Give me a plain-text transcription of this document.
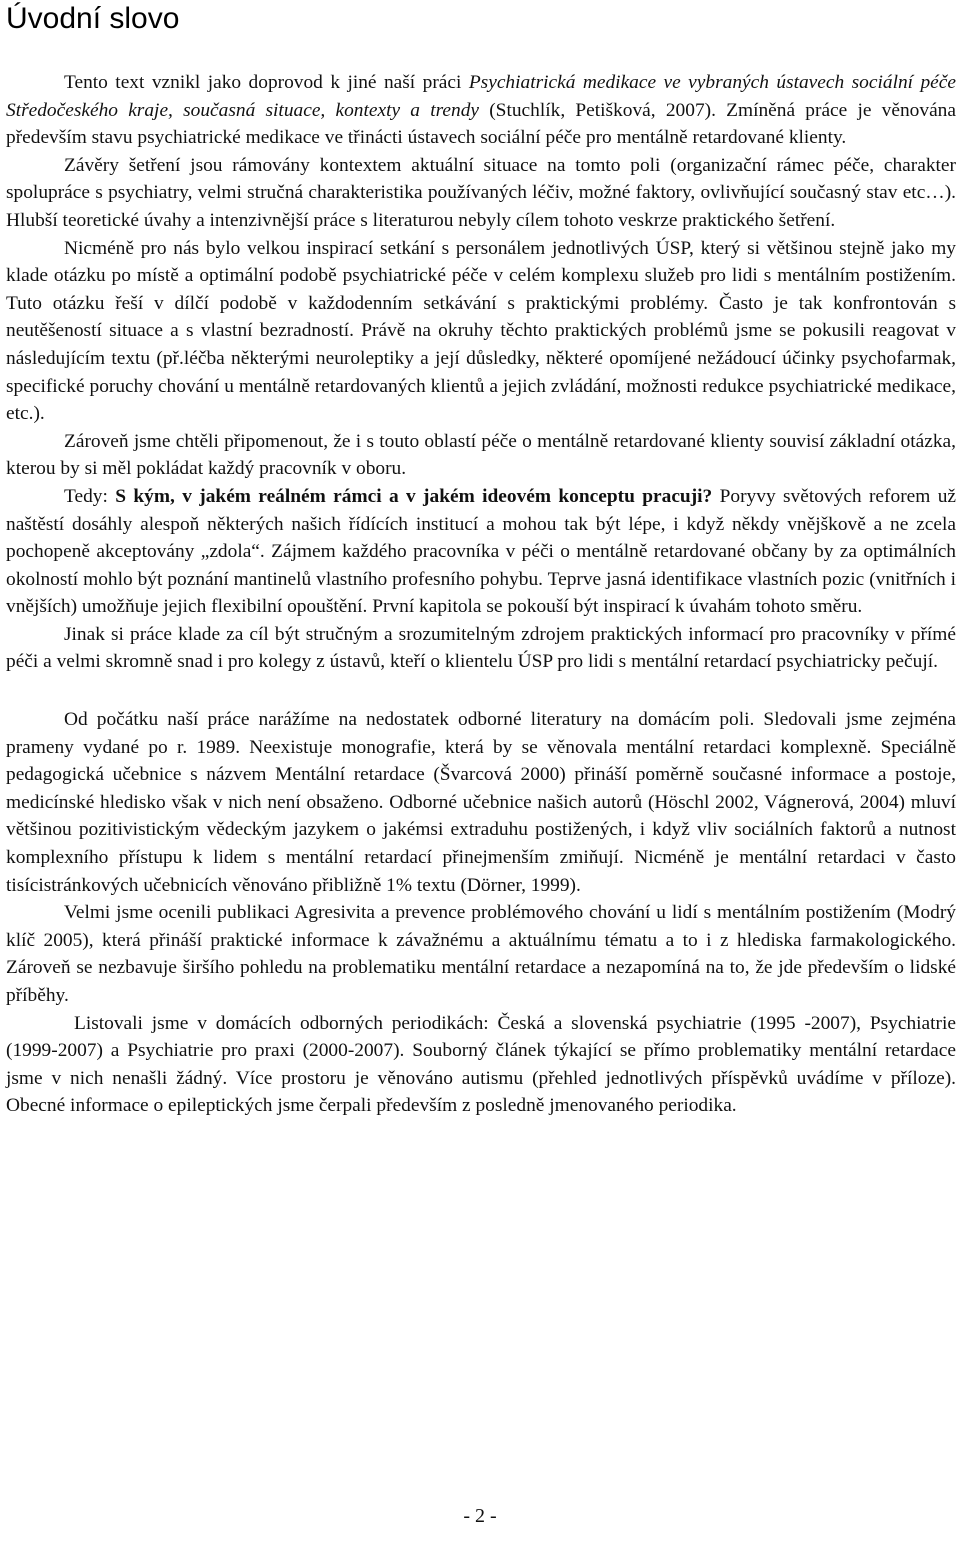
Úvodní slovo

Tento text vznikl jako doprovod k jiné naší práci Psychiatrická medikace ve vybraných ústavech sociální péče Středočeského kraje, současná situace, kontexty a trendy (Stuchlík, Petišková, 2007). Zmíněná práce je věnována především stavu psychiatrické medikace ve třinácti ústavech sociální péče pro mentálně retardované klienty.

Závěry šetření jsou rámovány kontextem aktuální situace na tomto poli (organizační rámec péče, charakter spolupráce s psychiatry, velmi stručná charakteristika používaných léčiv, možné faktory, ovlivňující současný stav etc…). Hlubší teoretické úvahy a intenzivnější práce s literaturou nebyly cílem tohoto veskrze praktického šetření.

Nicméně pro nás bylo velkou inspirací setkání s personálem jednotlivých ÚSP, který si většinou stejně jako my klade otázku po místě a optimální podobě psychiatrické péče v celém komplexu služeb pro lidi s mentálním postižením. Tuto otázku řeší v dílčí podobě v každodenním setkávání s praktickými problémy. Často je tak konfrontován s neutěšeností situace a s vlastní bezradností. Právě na okruhy těchto praktických problémů jsme se pokusili reagovat v následujícím textu (př.léčba některými neuroleptiky a její důsledky, některé opomíjené nežádoucí účinky psychofarmak, specifické poruchy chování u mentálně retardovaných klientů a jejich zvládání, možnosti redukce psychiatrické medikace, etc.).

Zároveň jsme chtěli připomenout, že i s touto oblastí péče o mentálně retardované klienty souvisí základní otázka, kterou by si měl pokládat každý pracovník v oboru.

Tedy: S kým, v jakém reálném rámci a v jakém ideovém konceptu pracuji? Poryvy světových reforem už naštěstí dosáhly alespoň některých našich řídících institucí a mohou tak být lépe, i když někdy vnějškově a ne zcela pochopeně akceptovány „zdola“. Zájmem každého pracovníka v péči o mentálně retardované občany by za optimálních okolností mohlo být poznání mantinelů vlastního profesního pohybu. Teprve jasná identifikace vlastních pozic (vnitřních i vnějších) umožňuje jejich flexibilní opouštění. První kapitola se pokouší být inspirací k úvahám tohoto směru.

Jinak si práce klade za cíl být stručným a srozumitelným zdrojem praktických informací pro pracovníky v přímé péči a velmi skromně snad i pro kolegy z ústavů, kteří o klientelu ÚSP pro lidi s mentální retardací psychiatricky pečují.

Od počátku naší práce narážíme na nedostatek odborné literatury na domácím poli. Sledovali jsme zejména prameny vydané po r. 1989. Neexistuje monografie, která by se věnovala mentální retardaci komplexně. Speciálně pedagogická učebnice s názvem Mentální retardace (Švarcová 2000) přináší poměrně současné informace a postoje, medicínské hledisko však v nich není obsaženo. Odborné učebnice našich autorů (Höschl 2002, Vágnerová, 2004) mluví většinou pozitivistickým vědeckým jazykem o jakémsi extraduhu postižených, i když vliv sociálních faktorů a nutnost komplexního přístupu k lidem s mentální retardací přinejmenším zmiňují. Nicméně je mentální retardaci v často tisícistránkových učebnicích věnováno přibližně 1% textu (Dörner, 1999).

Velmi jsme ocenili publikaci Agresivita a prevence problémového chování u lidí s mentálním postižením (Modrý klíč 2005), která přináší praktické informace k závažnému a aktuálnímu tématu a to i z hlediska farmakologického. Zároveň se nezbavuje širšího pohledu na problematiku mentální retardace a nezapomíná na to, že jde především o lidské příběhy.

Listovali jsme v domácích odborných periodikách: Česká a slovenská psychiatrie (1995 -2007), Psychiatrie (1999-2007) a Psychiatrie pro praxi (2000-2007). Souborný článek týkající se přímo problematiky mentální retardace jsme v nich nenašli žádný. Více prostoru je věnováno autismu (přehled jednotlivých příspěvků uvádíme v příloze). Obecné informace o epileptických jsme čerpali především z posledně jmenovaného periodika.

- 2 -
